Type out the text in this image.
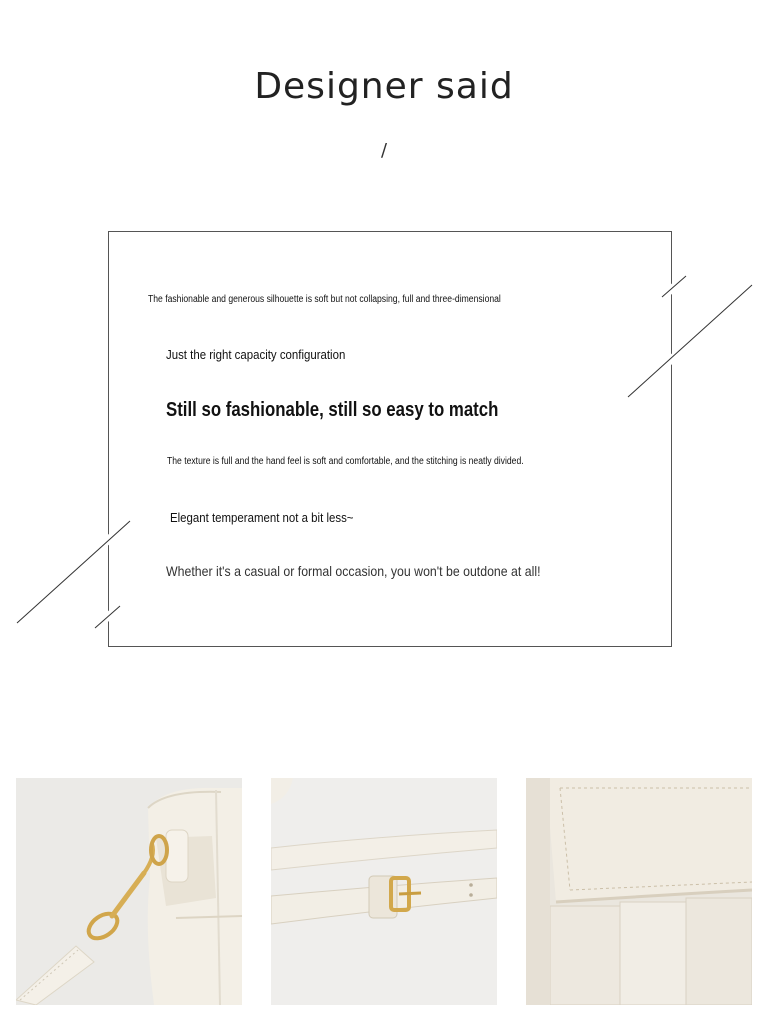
Designer said
/
The fashionable and generous silhouette is soft but not collapsing, full and three-dimensional
Just the right capacity configuration
Still so fashionable, still so easy to match
The texture is full and the hand feel is soft and comfortable, and the stitching is neatly divided.
Elegant temperament not a bit less~
Whether it's a casual or formal occasion, you won't be outdone at all!
